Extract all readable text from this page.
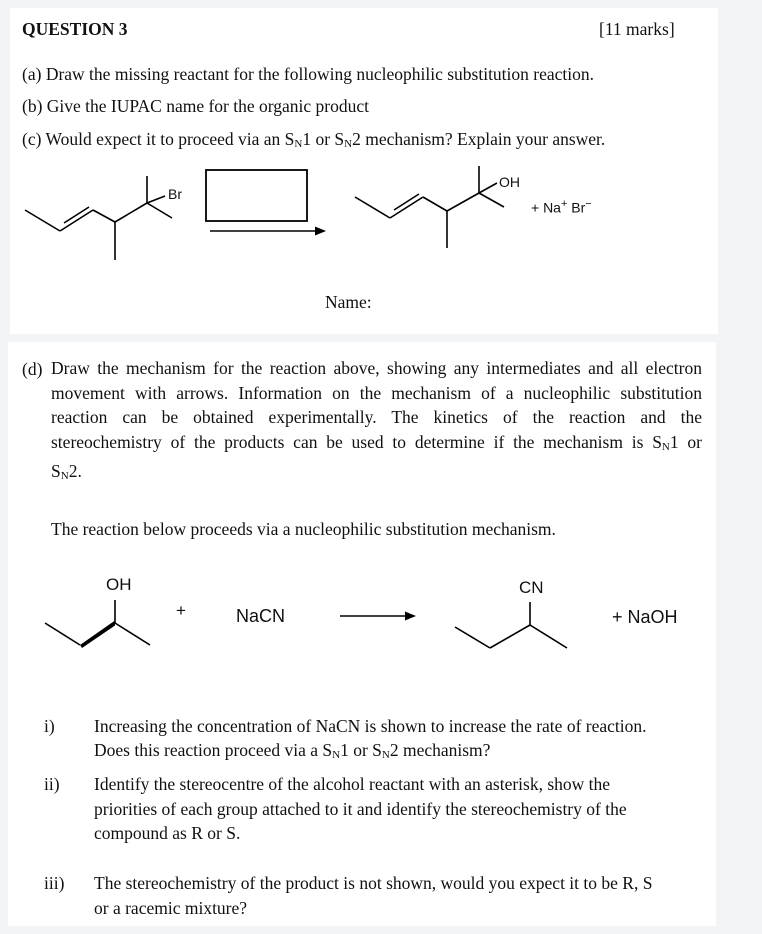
QUESTION 3	[11 marks]
(a) Draw the missing reactant for the following nucleophilic substitution reaction.
(b) Give the IUPAC name for the organic product
(c) Would expect it to proceed via an $S_N1$ or $S_N2$ mechanism? Explain your answer.
Br
OH
+ Na+ Br−
Name:
(d) Draw the mechanism for the reaction above, showing any intermediates and all electron
movement with arrows. Information on the mechanism of a nucleophilic substitution
reaction can be obtained experimentally. The kinetics of the reaction and the
stereochemistry of the products can be used to determine if the mechanism is $S_N1$ or
$S_N2$.
The reaction below proceeds via a nucleophilic substitution mechanism.
OH
+	NaCN
CN
+ NaOH
i) Increasing the concentration of NaCN is shown to increase the rate of reaction.
Does this reaction proceed via a $S_N1$ or $S_N2$ mechanism?
ii) Identify the stereocentre of the alcohol reactant with an asterisk, show the
priorities of each group attached to it and identify the stereochemistry of the
compound as R or S.
iii) The stereochemistry of the product is not shown, would you expect it to be R, S
or a racemic mixture?
